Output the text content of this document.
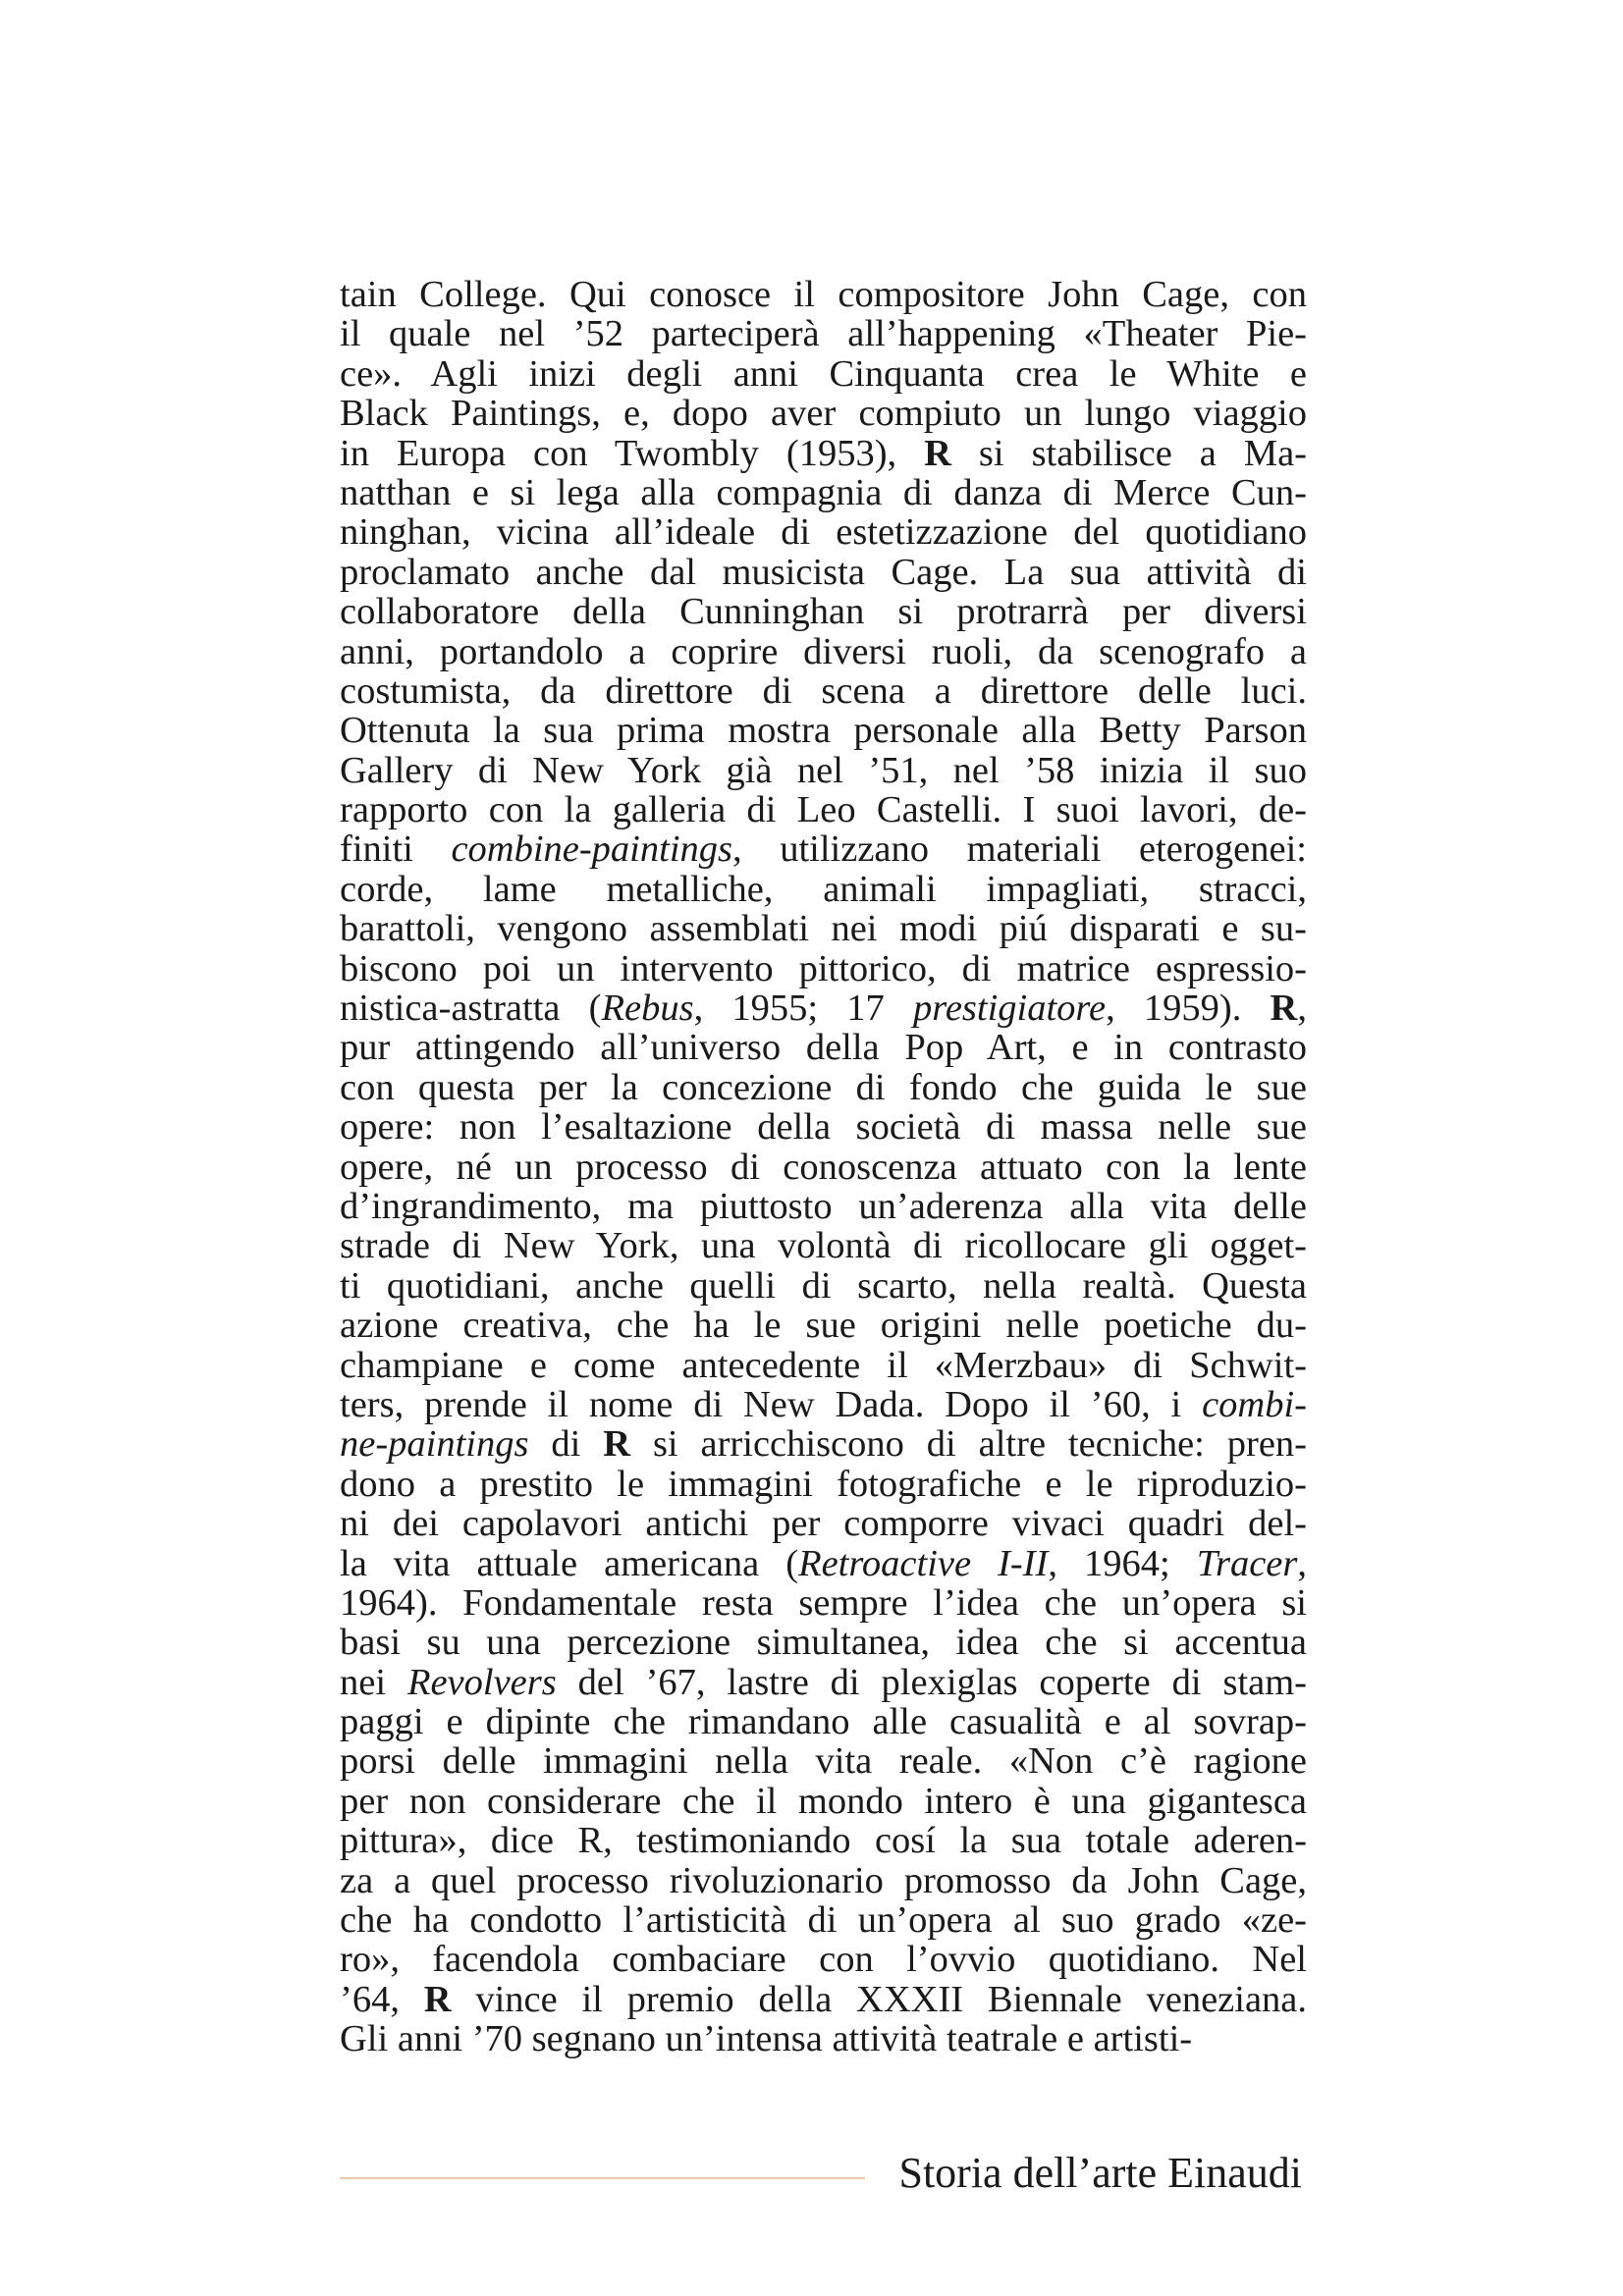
tain College. Qui conosce il compositore John Cage, con
il quale nel ’52 parteciperà all’happening «Theater Pie-
ce». Agli inizi degli anni Cinquanta crea le White e
Black Paintings, e, dopo aver compiuto un lungo viaggio
in Europa con Twombly (1953), R si stabilisce a Ma-
natthan e si lega alla compagnia di danza di Merce Cun-
ninghan, vicina all’ideale di estetizzazione del quotidiano
proclamato anche dal musicista Cage. La sua attività di
collaboratore della Cunninghan si protrarrà per diversi
anni, portandolo a coprire diversi ruoli, da scenografo a
costumista, da direttore di scena a direttore delle luci.
Ottenuta la sua prima mostra personale alla Betty Parson
Gallery di New York già nel ’51, nel ’58 inizia il suo
rapporto con la galleria di Leo Castelli. I suoi lavori, de-
finiti combine-paintings, utilizzano materiali eterogenei:
corde, lame metalliche, animali impagliati, stracci,
barattoli, vengono assemblati nei modi piú disparati e su-
biscono poi un intervento pittorico, di matrice espressio-
nistica-astratta (Rebus, 1955; 17 prestigiatore, 1959). R,
pur attingendo all’universo della Pop Art, e in contrasto
con questa per la concezione di fondo che guida le sue
opere: non l’esaltazione della società di massa nelle sue
opere, né un processo di conoscenza attuato con la lente
d’ingrandimento, ma piuttosto un’aderenza alla vita delle
strade di New York, una volontà di ricollocare gli ogget-
ti quotidiani, anche quelli di scarto, nella realtà. Questa
azione creativa, che ha le sue origini nelle poetiche du-
champiane e come antecedente il «Merzbau» di Schwit-
ters, prende il nome di New Dada. Dopo il ’60, i combi-
ne-paintings di R si arricchiscono di altre tecniche: pren-
dono a prestito le immagini fotografiche e le riproduzio-
ni dei capolavori antichi per comporre vivaci quadri del-
la vita attuale americana (Retroactive I-II, 1964; Tracer,
1964). Fondamentale resta sempre l’idea che un’opera si
basi su una percezione simultanea, idea che si accentua
nei Revolvers del ’67, lastre di plexiglas coperte di stam-
paggi e dipinte che rimandano alle casualità e al sovrap-
porsi delle immagini nella vita reale. «Non c’è ragione
per non considerare che il mondo intero è una gigantesca
pittura», dice R, testimoniando cosí la sua totale aderen-
za a quel processo rivoluzionario promosso da John Cage,
che ha condotto l’artisticità di un’opera al suo grado «ze-
ro», facendola combaciare con l’ovvio quotidiano. Nel
’64, R vince il premio della XXXII Biennale veneziana.
Gli anni ’70 segnano un’intensa attività teatrale e artisti-
Storia dell’arte Einaudi
